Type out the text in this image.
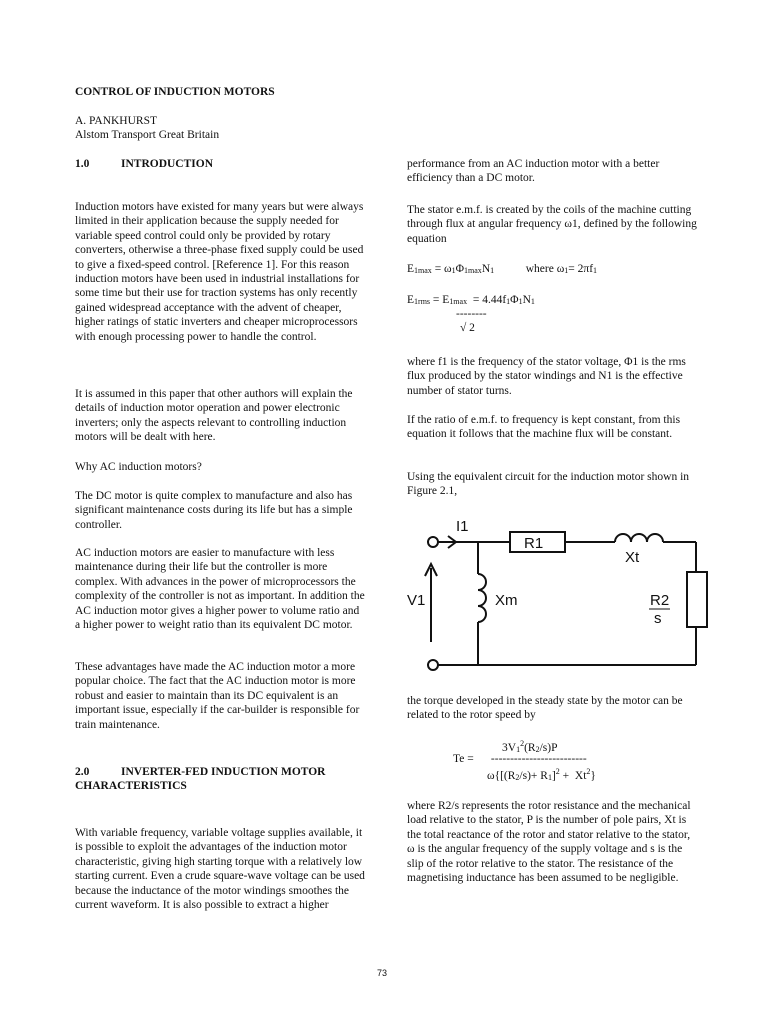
CONTROL OF INDUCTION MOTORS

A. PANKHURST

Alstom Transport Great Britain

1.0	INTRODUCTION

Induction motors have existed for many years but were always limited in their application because the supply needed for variable speed control could only be provided by rotary converters, otherwise a three-phase fixed supply could be used to give a fixed-speed control. [Reference 1]. For this reason induction motors have been used in industrial installations for some time but their use for traction systems has only recently gained widespread acceptance with the advent of cheaper, higher ratings of static inverters and cheaper microprocessors with enough processing power to handle the control.

It is assumed in this paper that other authors will explain the details of induction motor operation and power electronic inverters; only the aspects relevant to controlling induction motors will be dealt with here.

Why AC induction motors?

The DC motor is quite complex to manufacture and also has significant maintenance costs during its life but has a simple controller.

AC induction motors are easier to manufacture with less maintenance during their life but the controller is more complex. With advances in the power of microprocessors the complexity of the controller is not as important. In addition the AC induction motor gives a higher power to volume ratio and a higher power to weight ratio than its equivalent DC motor.

These advantages have made the AC induction motor a more popular choice. The fact that the AC induction motor is more robust and easier to maintain than its DC equivalent is an important issue, especially if the car-builder is responsible for train maintenance.

2.0	INVERTER-FED INDUCTION MOTOR

CHARACTERISTICS

With variable frequency, variable voltage supplies available, it is possible to exploit the advantages of the induction motor characteristic, giving high starting torque with a relatively low starting current. Even a crude square-wave voltage can be used because the inductance of the motor windings smoothes the current waveform. It is also possible to extract a higher

performance from an AC induction motor with a better efficiency than a DC motor.

The stator e.m.f. is created by the coils of the machine cutting through flux at angular frequency ω1, defined by the following equation

$E_{1max} = \omega_1\Phi_{1max}N_1$           where $\omega_1= 2\pi f_1$
$E_{1rms} = E_{1max} = 4.44f_1\Phi_1N_1$
--------
√ 2

where f1 is the frequency of the stator voltage, Φ1 is the rms flux produced by the stator windings and N1 is the effective number of stator turns.

If the ratio of e.m.f. to frequency is kept constant, from this equation it follows that the machine flux will be constant.

Using the equivalent circuit for the induction motor shown in Figure 2.1,

I1
R1
Xt
V1	Xm	R2
s

the torque developed in the steady state by the motor can be related to the rotor speed by

$3V_1^2(R_2/s)P$
Te =      -------------------------
$\omega\{[(R_2/s)+ R_1]^2 + Xt^2\}$

where R2/s represents the rotor resistance and the mechanical load relative to the stator, P is the number of pole pairs, Xt is the total reactance of the rotor and stator relative to the stator, ω is the angular frequency of the supply voltage and s is the slip of the rotor relative to the stator. The resistance of the magnetising inductance has been assumed to be negligible.

73
